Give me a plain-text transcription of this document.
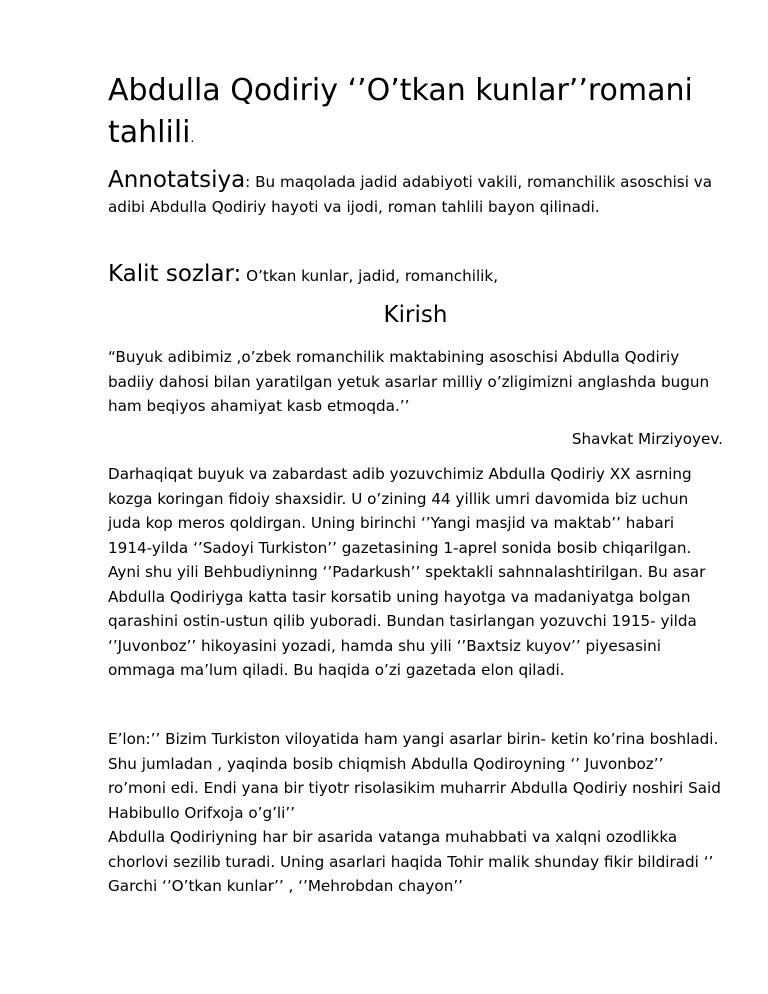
Abdulla Qodiriy ‘’O’tkan kunlar’’romani tahlili.

Annotatsiya: Bu maqolada jadid adabiyoti vakili, romanchilik asoschisi va adibi Abdulla Qodiriy hayoti va ijodi, roman tahlili bayon qilinadi.

Kalit sozlar: O’tkan kunlar, jadid, romanchilik,

Kirish

“Buyuk adibimiz ,o’zbek romanchilik maktabining asoschisi Abdulla Qodiriy badiiy dahosi bilan yaratilgan yetuk asarlar milliy o’zligimizni anglashda bugun ham beqiyos ahamiyat kasb etmoqda.’’

Shavkat Mirziyoyev.

Darhaqiqat buyuk va zabardast adib yozuvchimiz Abdulla Qodiriy XX asrning kozga koringan fidoiy shaxsidir. U o’zining 44 yillik umri davomida biz uchun juda kop meros qoldirgan. Uning birinchi ‘’Yangi masjid va maktab’’ habari 1914-yilda ‘’Sadoyi Turkiston’’ gazetasining 1-aprel sonida bosib chiqarilgan. Ayni shu yili Behbudiyninng ‘’Padarkush’’ spektakli sahnnalashtirilgan. Bu asar Abdulla Qodiriyga katta tasir korsatib uning hayotga va madaniyatga bolgan qarashini ostin-ustun qilib yuboradi. Bundan tasirlangan yozuvchi 1915- yilda ‘’Juvonboz’’ hikoyasini yozadi, hamda shu yili ‘’Baxtsiz kuyov’’ piyesasini ommaga ma’lum qiladi. Bu haqida o’zi gazetada elon qiladi.

E’lon:’’ Bizim Turkiston viloyatida ham yangi asarlar birin- ketin ko’rina boshladi. Shu jumladan , yaqinda bosib chiqmish Abdulla Qodiroyning ‘’ Juvonboz’’ ro’moni edi. Endi yana bir tiyotr risolasikim muharrir Abdulla Qodiriy noshiri Said Habibullo Orifxoja o’g’li’’

Abdulla Qodiriyning har bir asarida vatanga muhabbati va xalqni ozodlikka chorlovi sezilib turadi. Uning asarlari haqida Tohir malik shunday fikir bildiradi ‘’ Garchi ‘’O’tkan kunlar’’ , ‘’Mehrobdan chayon’’
